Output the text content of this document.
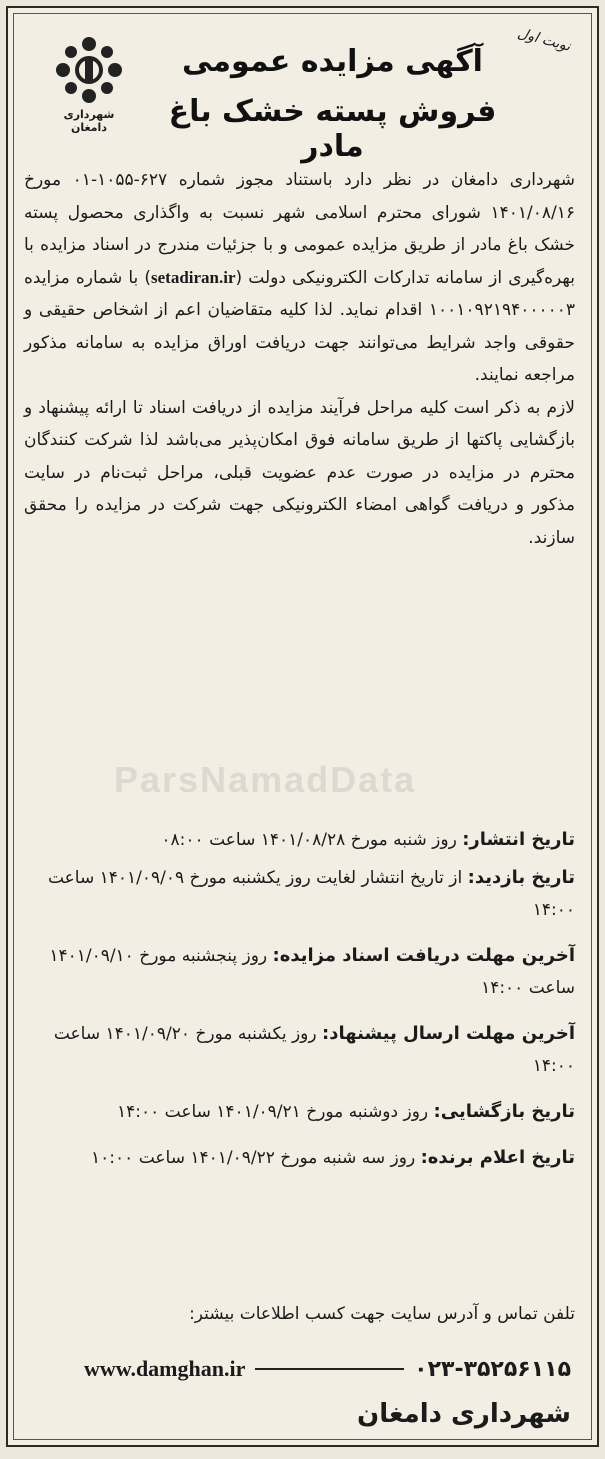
شهرداری دامغان
نوبت اول
آگهی مزایده عمومی
فروش پسته خشک باغ مادر

شهرداری دامغان در نظر دارد باستناد مجوز شماره ۶۲۷-۱۰۵۵-۰۱ مورخ ۱۴۰۱/۰۸/۱۶ شورای محترم اسلامی شهر نسبت به واگذاری محصول پسته خشک باغ مادر از طریق مزایده عمومی و با جزئیات مندرج در اسناد مزایده با بهره‌گیری از سامانه تدارکات الکترونیکی دولت (setadiran.ir) با شماره مزایده ۱۰۰۱۰۹۲۱۹۴۰۰۰۰۰۳ اقدام نماید. لذا کلیه متقاضیان اعم از اشخاص حقیقی و حقوقی واجد شرایط می‌توانند جهت دریافت اوراق مزایده به سامانه مذکور مراجعه نمایند.

لازم به ذکر است کلیه مراحل فرآیند مزایده از دریافت اسناد تا ارائه پیشنهاد و بازگشایی پاکتها از طریق سامانه فوق امکان‌پذیر می‌باشد لذا شرکت کنندگان محترم در مزایده در صورت عدم عضویت قبلی، مراحل ثبت‌نام در سایت مذکور و دریافت گواهی امضاء الکترونیکی جهت شرکت در مزایده را محقق سازند.

ParsNamadData
تاریخ انتشار: روز شنبه مورخ ۱۴۰۱/۰۸/۲۸ ساعت ۰۸:۰۰
تاریخ بازدید: از تاریخ انتشار لغایت روز یکشنبه مورخ ۱۴۰۱/۰۹/۰۹ ساعت ۱۴:۰۰
آخرین مهلت دریافت اسناد مزایده: روز پنجشنبه مورخ ۱۴۰۱/۰۹/۱۰ ساعت ۱۴:۰۰
آخرین مهلت ارسال پیشنهاد: روز یکشنبه مورخ ۱۴۰۱/۰۹/۲۰ ساعت ۱۴:۰۰
تاریخ بازگشایی: روز دوشنبه مورخ ۱۴۰۱/۰۹/۲۱ ساعت ۱۴:۰۰
تاریخ اعلام برنده: روز سه شنبه مورخ ۱۴۰۱/۰۹/۲۲ ساعت ۱۰:۰۰
تلفن تماس و آدرس سایت جهت کسب اطلاعات بیشتر:
www.damghan.ir	۰۲۳-۳۵۲۵۶۱۱۵
شهرداری دامغان
